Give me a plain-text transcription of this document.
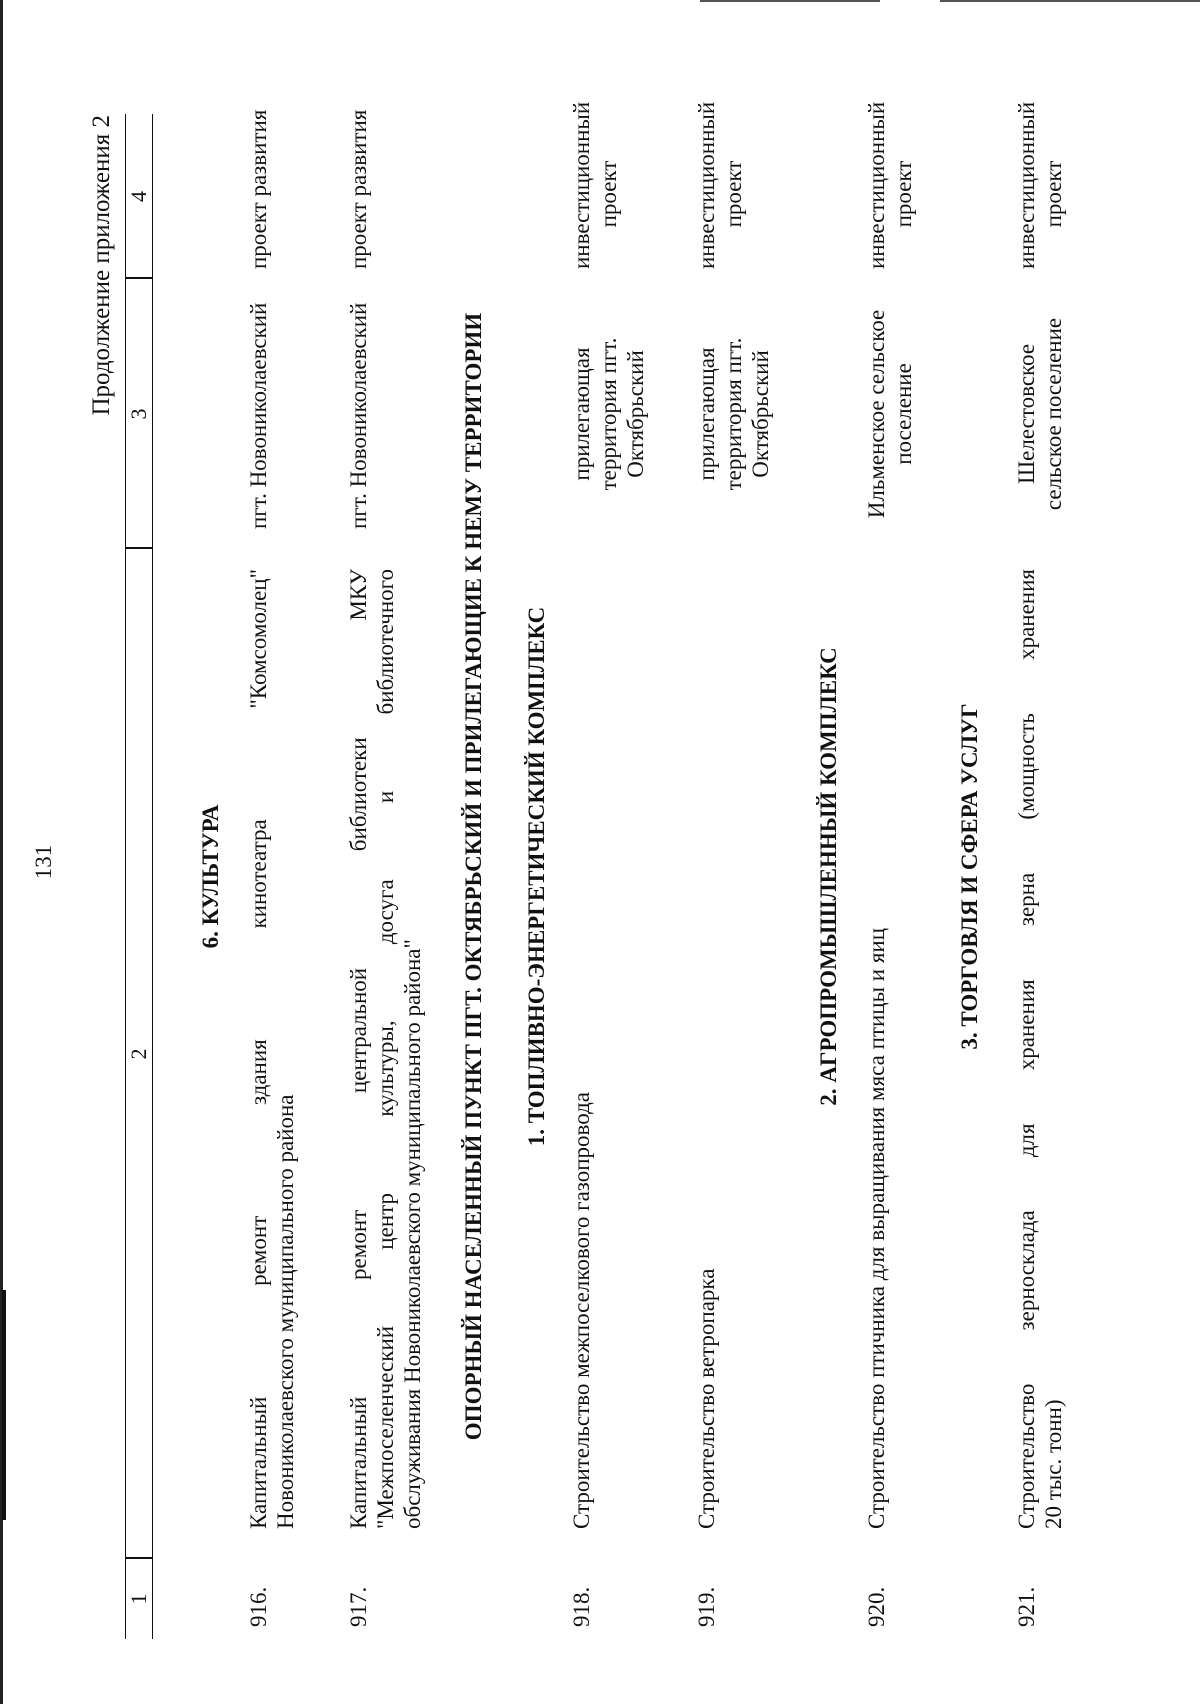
131
Продолжение приложения 2
1
2
3
4
6. КУЛЬТУРА
916.
Капитальный ремонт здания кинотеатра "Комсомолец" Новониколаевского муниципального района
пгт. Новониколаевский
проект развития
917.
Капитальный ремонт центральной библиотеки МКУ "Межпоселенческий центр культуры, досуга и библиотечного обслуживания Новониколаевского муниципального района"
пгт. Новониколаевский
проект развития
ОПОРНЫЙ НАСЕЛЕННЫЙ ПУНКТ ПГТ. ОКТЯБРЬСКИЙ И ПРИЛЕГАЮЩИЕ К НЕМУ ТЕРРИТОРИИ 1. ТОПЛИВНО-ЭНЕРГЕТИЧЕСКИЙ КОМПЛЕКС
918.
Строительство межпоселкового газопровода
прилегающая территория пгт. Октябрьский
инвестиционный проект
919.
Строительство ветропарка
прилегающая территория пгт. Октябрьский
инвестиционный проект
2. АГРОПРОМЫШЛЕННЫЙ КОМПЛЕКС
920.
Строительство птичника для выращивания мяса птицы и яиц
Ильменское сельское поселение
инвестиционный проект
3. ТОРГОВЛЯ И СФЕРА УСЛУГ
921.
Строительство зерносклада для хранения зерна (мощность хранения 20 тыс. тонн)
Шелестовское сельское поселение
инвестиционный проект
